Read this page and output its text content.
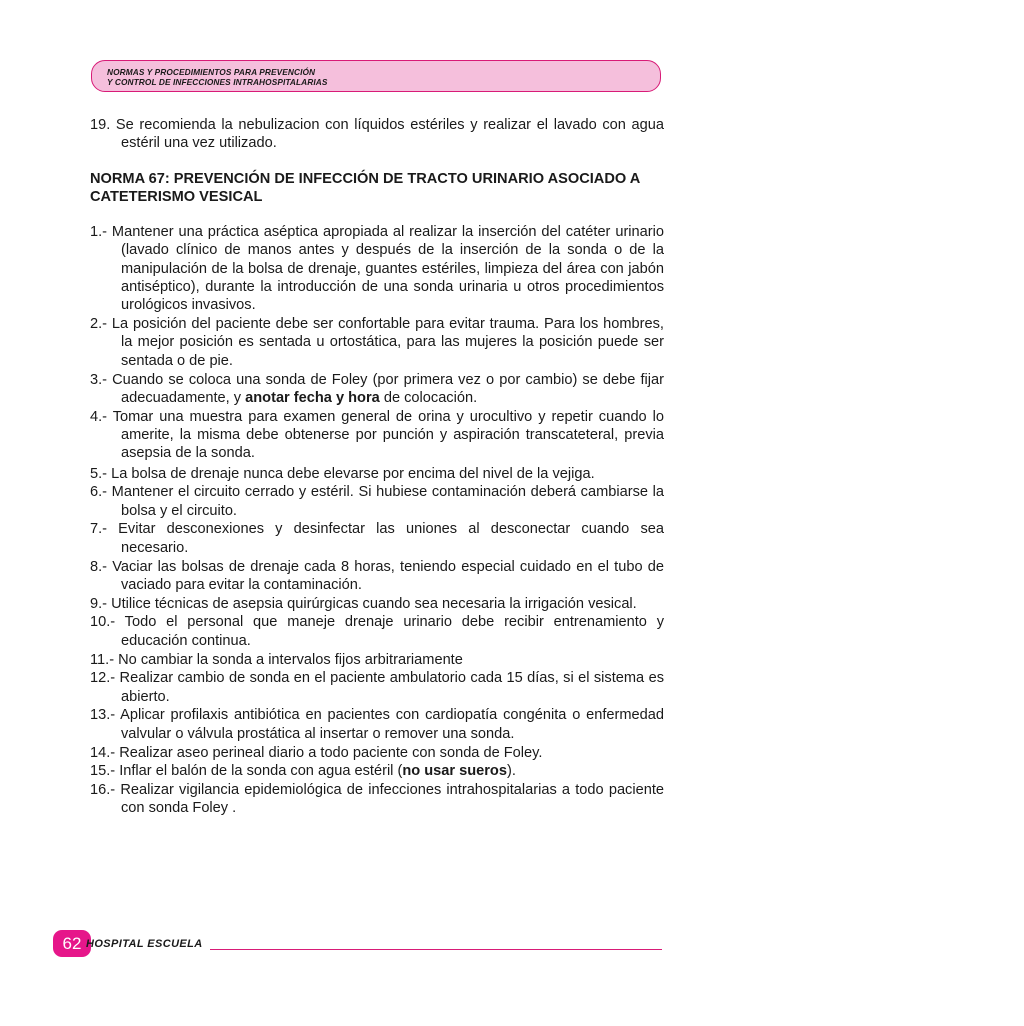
NORMAS Y PROCEDIMIENTOS PARA PREVENCIÓN
Y CONTROL DE INFECCIONES INTRAHOSPITALARIAS

19. Se recomienda la nebulizacion con líquidos estériles y realizar el lavado con agua estéril una vez utilizado.

NORMA 67: PREVENCIÓN DE INFECCIÓN DE TRACTO URINARIO ASOCIADO A CATETERISMO VESICAL

1.- Mantener una práctica aséptica apropiada al realizar la inserción del catéter urinario (lavado clínico de manos antes y después de la inserción de la sonda o de la manipulación de la bolsa de drenaje, guantes estériles, limpieza del área con jabón antiséptico), durante la introducción de una sonda urinaria u otros procedimientos urológicos invasivos.

2.- La posición del paciente debe ser confortable para evitar trauma. Para los hombres, la mejor posición es sentada u ortostática, para las mujeres la posición puede ser sentada o de pie.

3.- Cuando se coloca una sonda de Foley (por primera vez o por cambio) se debe fijar adecuadamente, y anotar fecha y hora de colocación.

4.- Tomar una muestra para examen general de orina y urocultivo y repetir cuando lo amerite, la misma debe obtenerse por punción y aspiración transcateteral, previa asepsia de la sonda.

5.- La bolsa de drenaje nunca debe elevarse por encima del nivel de la vejiga.

6.- Mantener el circuito cerrado y estéril. Si hubiese contaminación deberá cambiarse la bolsa y el circuito.

7.- Evitar desconexiones y desinfectar las uniones al desconectar cuando sea necesario.

8.- Vaciar las bolsas de drenaje cada 8 horas, teniendo especial cuidado en el tubo de vaciado para evitar la contaminación.

9.- Utilice técnicas de asepsia quirúrgicas cuando sea necesaria la irrigación vesical.

10.- Todo el personal que maneje drenaje urinario debe recibir entrenamiento y educación continua.

11.- No cambiar la sonda a intervalos fijos arbitrariamente

12.- Realizar cambio de sonda en el paciente ambulatorio cada 15 días, si el sistema es abierto.

13.- Aplicar profilaxis antibiótica en pacientes con cardiopatía congénita o enfermedad valvular o válvula prostática al insertar o remover una sonda.

14.- Realizar aseo perineal diario a todo paciente con sonda de Foley.

15.- Inflar el balón de la sonda con agua estéril (no usar sueros).

16.- Realizar vigilancia epidemiológica de infecciones intrahospitalarias a todo paciente con sonda Foley .

62 HOSPITAL ESCUELA
